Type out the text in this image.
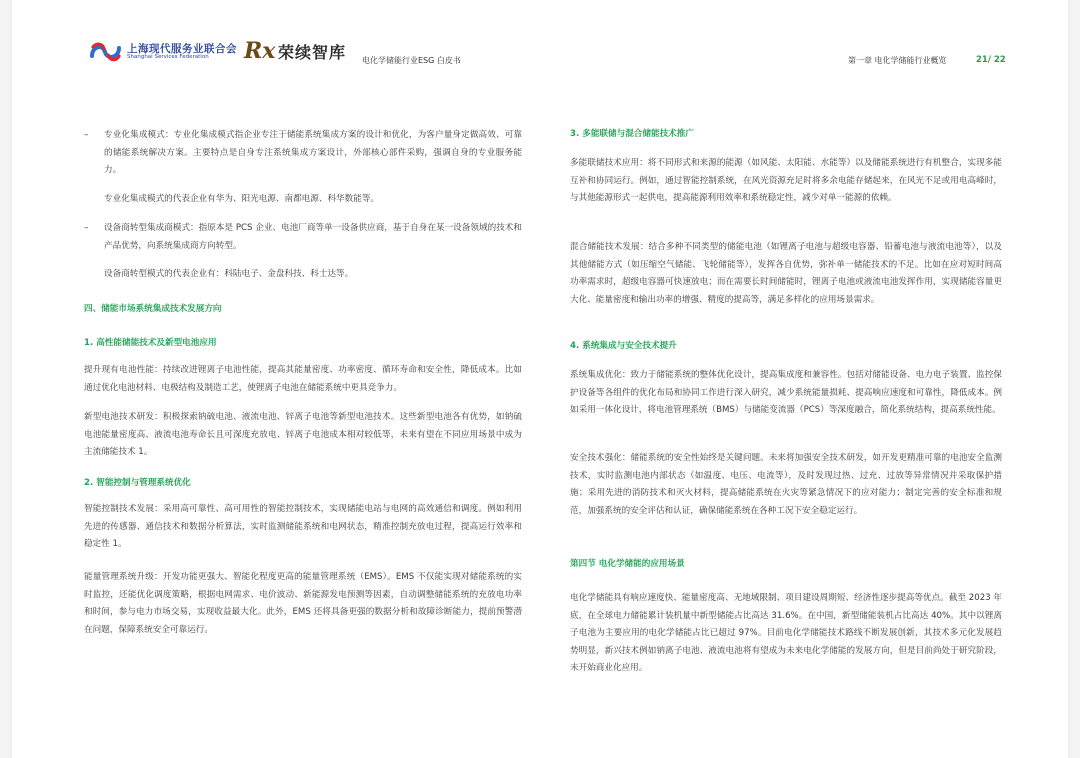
上海现代服务业联合会
Shanghai Services Federation Rx 荣续智库 电化学储能行业ESG 白皮书	第一章 电化学储能行业概览	21/ 22
– 专业化集成模式：专业化集成模式指企业专注于储能系统集成方案的设计和优化，为客户量身定做高效、可靠的储能系统解决方案。主要特点是自身专注系统集成方案设计，外部核心部件采购，强调自身的专业服务能力。

专业化集成模式的代表企业有华为、阳光电源、南都电源、科华数能等。

– 设备商转型集成商模式：指原本是 PCS 企业、电池厂商等单一设备供应商，基于自身在某一设备领域的技术和产品优势，向系统集成商方向转型。

设备商转型模式的代表企业有：科陆电子、金盘科技、科士达等。

四、储能市场系统集成技术发展方向

1. 高性能储能技术及新型电池应用

提升现有电池性能：持续改进锂离子电池性能，提高其能量密度、功率密度、循环寿命和安全性，降低成本。比如通过优化电池材料、电极结构及制造工艺，使锂离子电池在储能系统中更具竞争力。

新型电池技术研发：积极探索钠硫电池、液流电池、锌离子电池等新型电池技术。这些新型电池各有优势，如钠硫电池能量密度高、液流电池寿命长且可深度充放电、锌离子电池成本相对较低等，未来有望在不同应用场景中成为主流储能技术 1。

2. 智能控制与管理系统优化

智能控制技术发展：采用高可靠性、高可用性的智能控制技术，实现储能电站与电网的高效通信和调度。例如利用先进的传感器、通信技术和数据分析算法，实时监测储能系统和电网状态，精准控制充放电过程，提高运行效率和稳定性 1。

能量管理系统升级：开发功能更强大、智能化程度更高的能量管理系统（EMS）。EMS 不仅能实现对储能系统的实时监控，还能优化调度策略，根据电网需求、电价波动、新能源发电预测等因素，自动调整储能系统的充放电功率和时间，参与电力市场交易，实现收益最大化。此外，EMS 还将具备更强的数据分析和故障诊断能力，提前预警潜在问题，保障系统安全可靠运行。

3. 多能联储与混合储能技术推广

多能联储技术应用：将不同形式和来源的能源（如风能、太阳能、水能等）以及储能系统进行有机整合，实现多能互补和协同运行。例如，通过智能控制系统，在风光资源充足时将多余电能存储起来，在风光不足或用电高峰时，与其他能源形式一起供电，提高能源利用效率和系统稳定性，减少对单一能源的依赖。

混合储能技术发展：结合多种不同类型的储能电池（如锂离子电池与超级电容器、铅蓄电池与液流电池等），以及其他储能方式（如压缩空气储能、飞轮储能等），发挥各自优势，弥补单一储能技术的不足。比如在应对短时间高功率需求时，超级电容器可快速放电；而在需要长时间储能时，锂离子电池或液流电池发挥作用，实现储能容量更大化、能量密度和输出功率的增强、精度的提高等，满足多样化的应用场景需求。

4. 系统集成与安全技术提升

系统集成优化：致力于储能系统的整体优化设计，提高集成度和兼容性。包括对储能设备、电力电子装置、监控保护设备等各组件的优化布局和协同工作进行深入研究，减少系统能量损耗、提高响应速度和可靠性，降低成本。例如采用一体化设计，将电池管理系统（BMS）与储能变流器（PCS）等深度融合，简化系统结构，提高系统性能。

安全技术强化：储能系统的安全性始终是关键问题。未来将加强安全技术研发，如开发更精准可靠的电池安全监测技术，实时监测电池内部状态（如温度、电压、电流等），及时发现过热、过充、过放等异常情况并采取保护措施；采用先进的消防技术和灭火材料，提高储能系统在火灾等紧急情况下的应对能力；制定完善的安全标准和规范，加强系统的安全评估和认证，确保储能系统在各种工况下安全稳定运行。

第四节 电化学储能的应用场景

电化学储能具有响应速度快、能量密度高、无地域限制、项目建设周期短、经济性逐步提高等优点。截至 2023 年底，在全球电力储能累计装机量中新型储能占比高达 31.6%。在中国，新型储能装机占比高达 40%。其中以锂离子电池为主要应用的电化学储能占比已超过 97%。目前电化学储能技术路线不断发展创新，其技术多元化发展趋势明显，新兴技术例如钠离子电池、液流电池将有望成为未来电化学储能的发展方向，但是目前尚处于研究阶段，未开始商业化应用。
